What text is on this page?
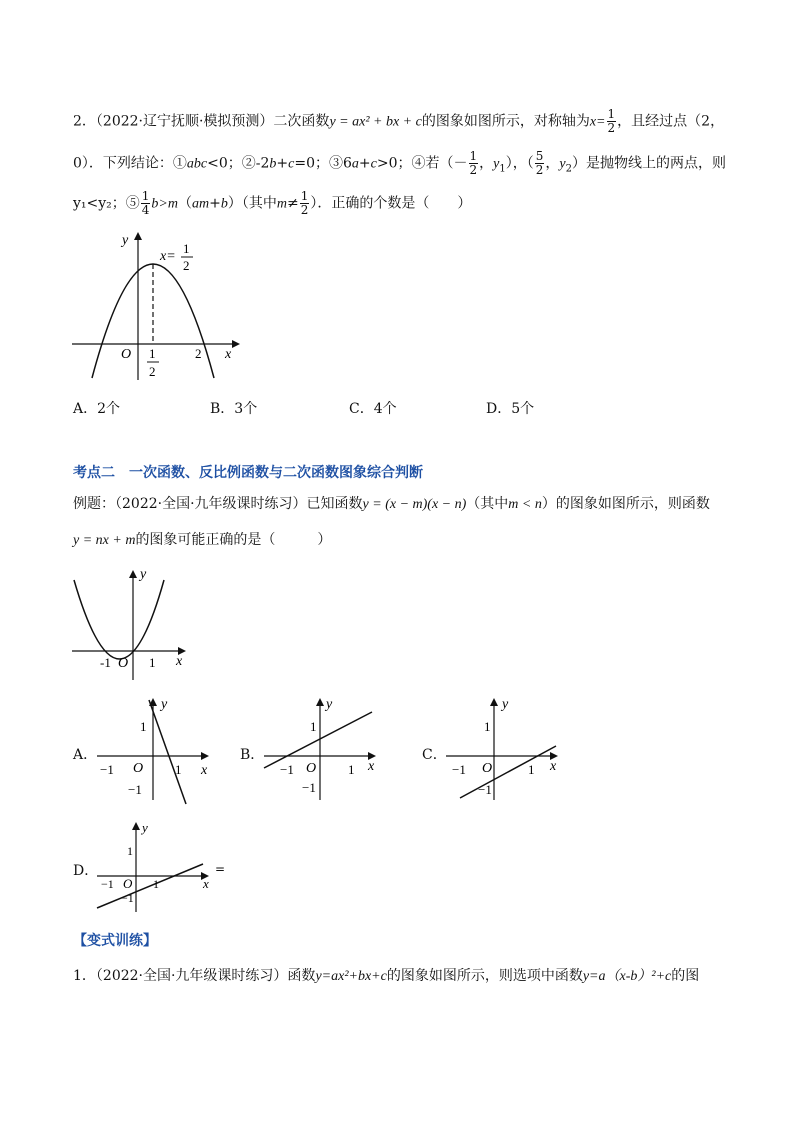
2．（2022·辽宁抚顺·模拟预测）二次函数y = ax² + bx + c的图象如图所示，对称轴为$x= \frac{1}{2}$ ，且经过点（2，
0）．下列结论：①abc<0；②-2b+c=0；③6a+c>0；④若（－ $\frac{1}{2}$ ，$y_1$），（ $\frac{5}{2}$ ，$y_2$）是抛物线上的两点，则
y₁<y₂；⑤ $\frac{1}{4} b>m(am+b)$（其中$m\ne \frac{1}{2}$ ）．正确的个数是（　　）
y
x
O	2
x=
1
2
1
2
A．2个	B．3个	C．4个	D．5个
考点二　一次函数、反比例函数与二次函数图象综合判断
例题：（2022·全国·九年级课时练习）已知函数y = (x − m)(x − n)（其中m < n）的图象如图所示，则函数
y = nx + m的图象可能正确的是（　　　）
y
x
O
-1	1
A．
y
x
O
−1	1
1
−1
B．
y
x
O
−1	1
1
−1
C．
y
x
O
−1	1
1
−1
D．
y
x
O
−1	1
1
−1
=
【变式训练】
1．（2022·全国·九年级课时练习）函数y=ax²+bx+c的图象如图所示，则选项中函数y=a（x-b）²+c的图
